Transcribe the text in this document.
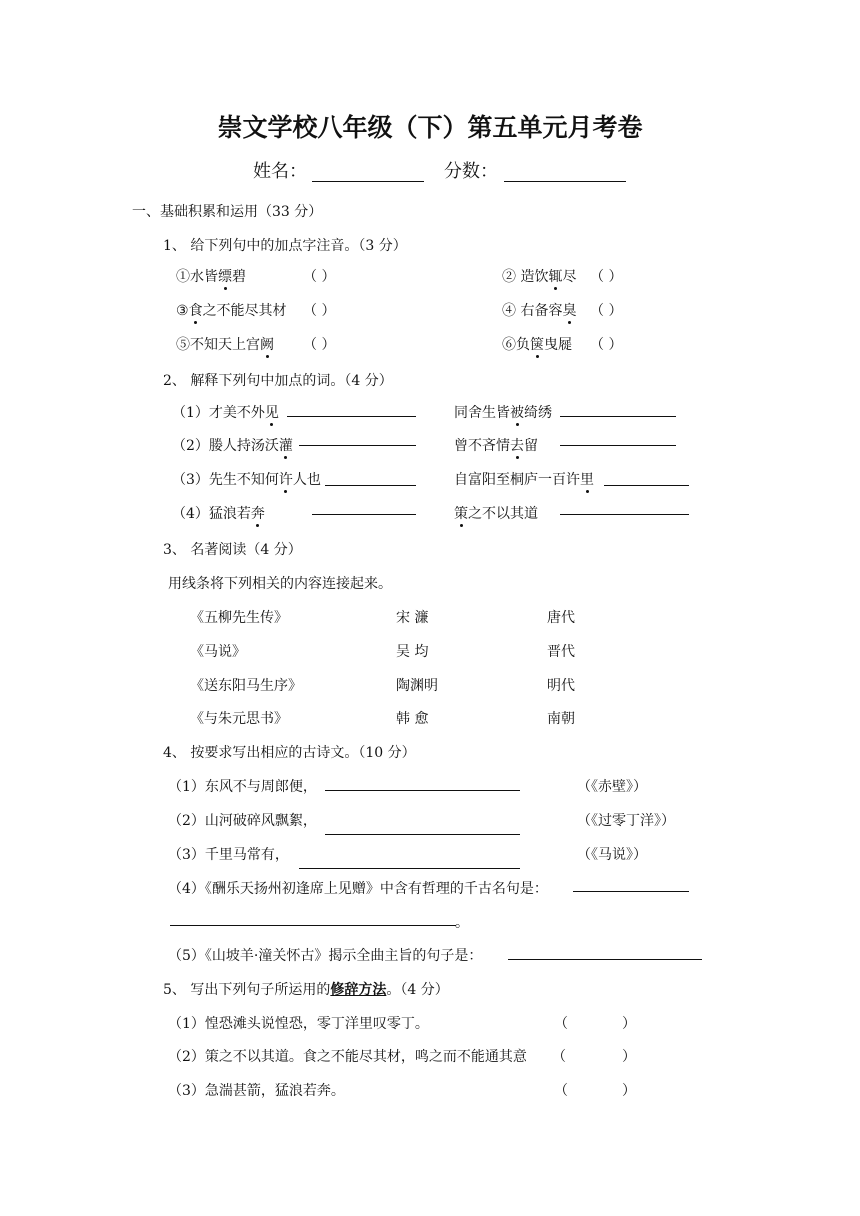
崇文学校八年级（下）第五单元月考卷
姓名：	分数：
一、基础积累和运用（33 分）
1、 给下列句中的加点字注音。（3 分）
①水皆缥碧	（ ）	② 造饮辄尽 （ ）
③食之不能尽其材 （ ）	④ 右备容臭 （ ）
⑤不知天上宫阙 （ ）	⑥负箧曳屣 （ ）
2、 解释下列句中加点的词。（4 分）
（1）才美不外见	同舍生皆被绮绣
（2）媵人持汤沃灌	曾不吝情去留
（3）先生不知何许人也	自富阳至桐庐一百许里
（4）猛浪若奔	策之不以其道
3、 名著阅读（4 分）
用线条将下列相关的内容连接起来。
《五柳先生传》	宋 濂	唐代
《马说》	吴 均	晋代
《送东阳马生序》	陶渊明	明代
《与朱元思书》	韩 愈	南朝
4、 按要求写出相应的古诗文。（10 分）
（1）东风不与周郎便，	（《赤壁》）
（2）山河破碎风飘絮，	（《过零丁洋》）
（3）千里马常有，	（《马说》）
（4）《酬乐天扬州初逢席上见赠》中含有哲理的千古名句是：
。
（5）《山坡羊·潼关怀古》揭示全曲主旨的句子是：
5、 写出下列句子所运用的修辞方法。（4 分）
（1）惶恐滩头说惶恐，零丁洋里叹零丁。	（	）
（2）策之不以其道。食之不能尽其材，鸣之而不能通其意 （	）
（3）急湍甚箭，猛浪若奔。	（	）
